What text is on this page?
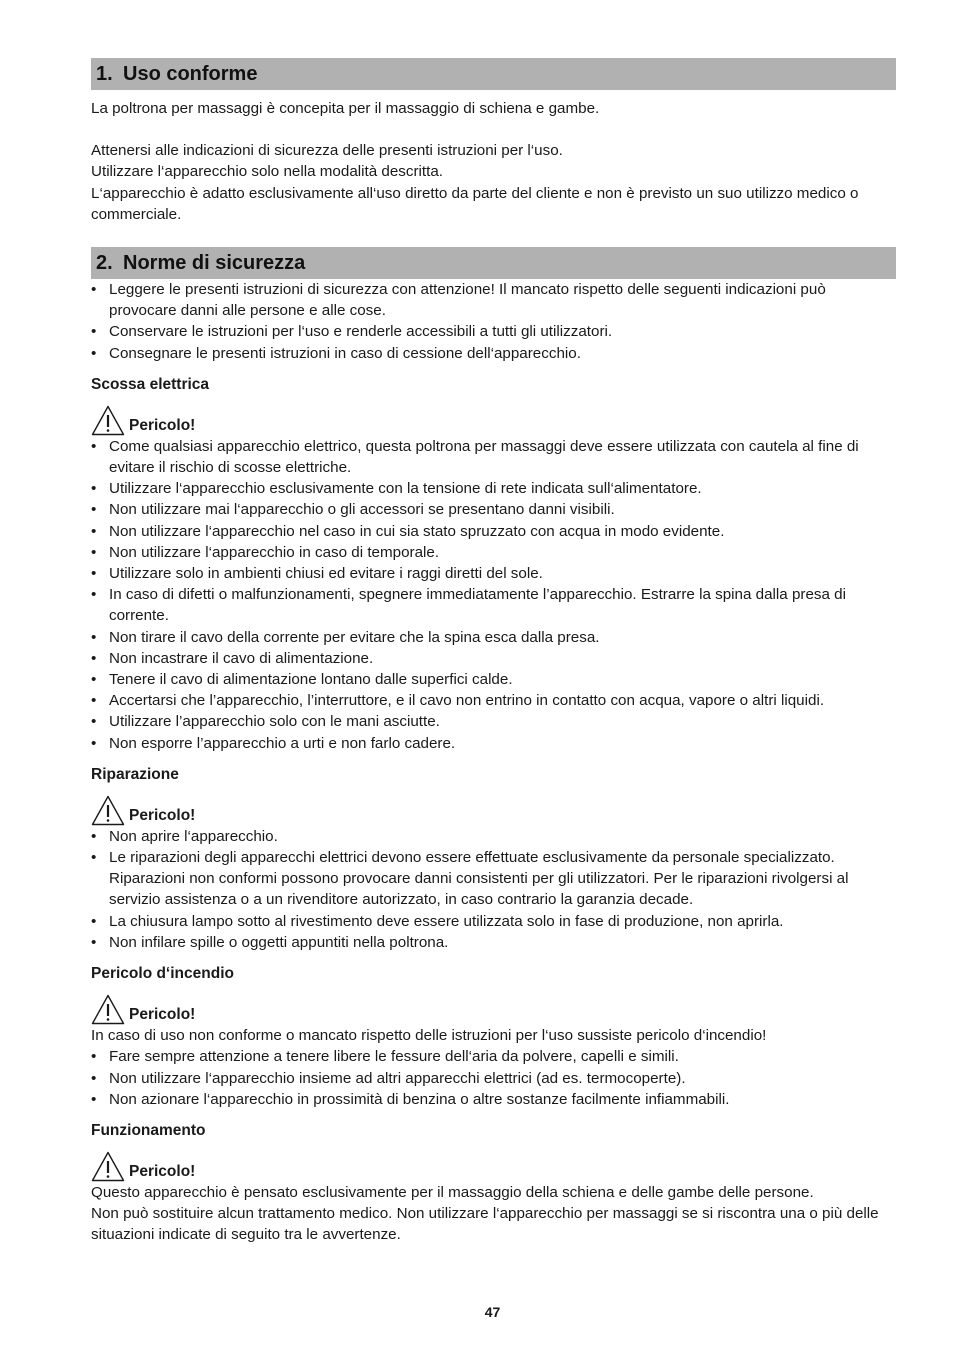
1. Uso conforme

La poltrona per massaggi è concepita per il massaggio di schiena e gambe.

Attenersi alle indicazioni di sicurezza delle presenti istruzioni per l‘uso.

Utilizzare l‘apparecchio solo nella modalità descritta.

L‘apparecchio è adatto esclusivamente all‘uso diretto da parte del cliente e non è previsto un suo utilizzo medico o commerciale.

2. Norme di sicurezza
• Leggere le presenti istruzioni di sicurezza con attenzione! Il mancato rispetto delle seguenti indicazioni può provocare danni alle persone e alle cose.
• Conservare le istruzioni per l‘uso e renderle accessibili a tutti gli utilizzatori.
• Consegnare le presenti istruzioni in caso di cessione dell‘apparecchio.
Scossa elettrica
Pericolo!
• Come qualsiasi apparecchio elettrico, questa poltrona per massaggi deve essere utilizzata con cautela al fine di evitare il rischio di scosse elettriche.
• Utilizzare l‘apparecchio esclusivamente con la tensione di rete indicata sull‘alimentatore.
• Non utilizzare mai l‘apparecchio o gli accessori se presentano danni visibili.
• Non utilizzare l‘apparecchio nel caso in cui sia stato spruzzato con acqua in modo evidente.
• Non utilizzare l‘apparecchio in caso di temporale.
• Utilizzare solo in ambienti chiusi ed evitare i raggi diretti del sole.
• In caso di difetti o malfunzionamenti, spegnere immediatamente l’apparecchio. Estrarre la spina dalla presa di corrente.
• Non tirare il cavo della corrente per evitare che la spina esca dalla presa.
• Non incastrare il cavo di alimentazione.
• Tenere il cavo di alimentazione lontano dalle superfici calde.
• Accertarsi che l’apparecchio, l’interruttore, e il cavo non entrino in contatto con acqua, vapore o altri liquidi.
• Utilizzare l’apparecchio solo con le mani asciutte.
• Non esporre l’apparecchio a urti e non farlo cadere.
Riparazione
Pericolo!
• Non aprire l‘apparecchio.
• Le riparazioni degli apparecchi elettrici devono essere effettuate esclusivamente da personale specializzato. Riparazioni non conformi possono provocare danni consistenti per gli utilizzatori. Per le riparazioni rivolgersi al servizio assistenza o a un rivenditore autorizzato, in caso contrario la garanzia decade.
• La chiusura lampo sotto al rivestimento deve essere utilizzata solo in fase di produzione, non aprirla.
• Non infilare spille o oggetti appuntiti nella poltrona.
Pericolo d‘incendio
Pericolo!

In caso di uso non conforme o mancato rispetto delle istruzioni per l‘uso sussiste pericolo d‘incendio!

• Fare sempre attenzione a tenere libere le fessure dell‘aria da polvere, capelli e simili.
• Non utilizzare l‘apparecchio insieme ad altri apparecchi elettrici (ad es. termocoperte).
• Non azionare l‘apparecchio in prossimità di benzina o altre sostanze facilmente infiammabili.
Funzionamento
Pericolo!

Questo apparecchio è pensato esclusivamente per il massaggio della schiena e delle gambe delle persone.

Non può sostituire alcun trattamento medico. Non utilizzare l‘apparecchio per massaggi se si riscontra una o più delle situazioni indicate di seguito tra le avvertenze.

47
